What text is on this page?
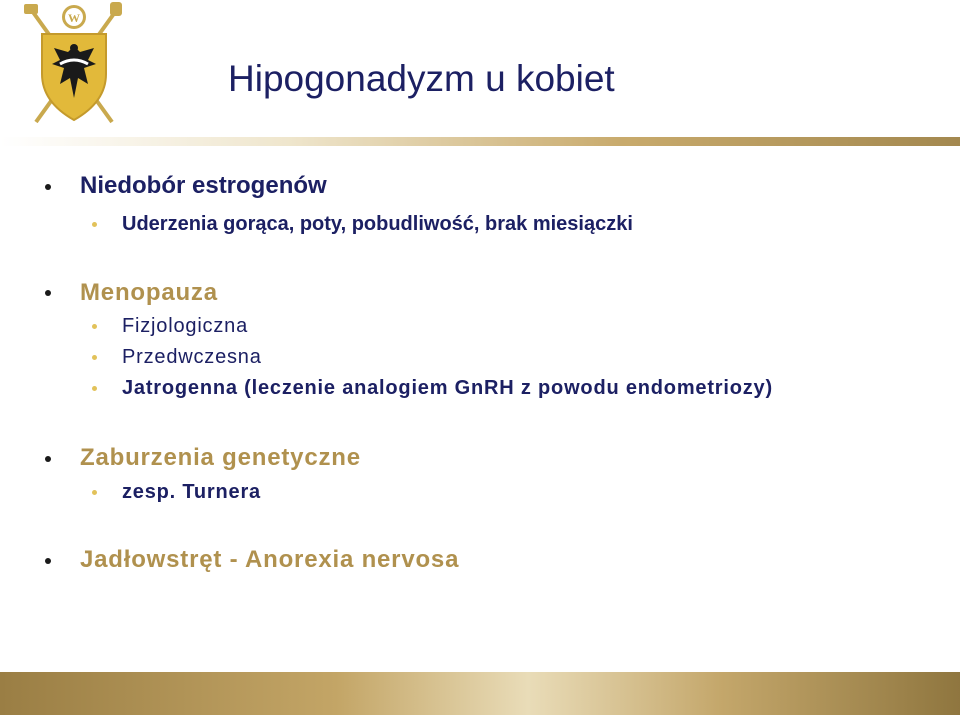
W
Hipogonadyzm u kobiet
Niedobór estrogenów
Uderzenia gorąca, poty, pobudliwość, brak miesiączki
Menopauza
Fizjologiczna
Przedwczesna
Jatrogenna (leczenie analogiem GnRH z powodu endometriozy)
Zaburzenia genetyczne
zesp. Turnera
Jadłowstręt - Anorexia nervosa
